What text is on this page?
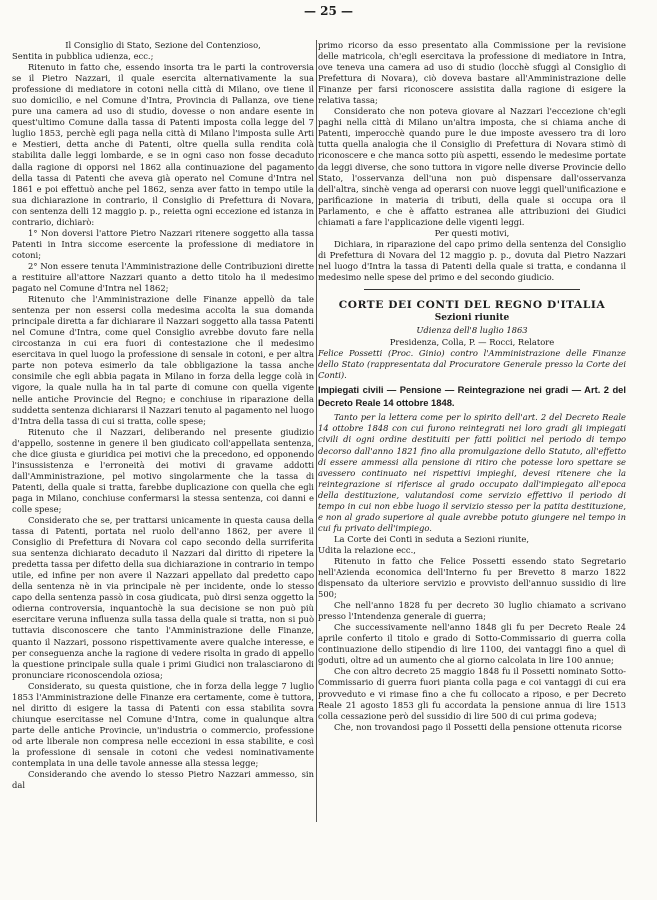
— 25 —

Il Consiglio di Stato, Sezione del Contenzioso,

Sentita in pubblica udienza, ecc.;

Ritenuto in fatto che, essendo insorta tra le parti la controversia se il Pietro Nazzari, il quale esercita alternativamente la sua professione di mediatore in cotoni nella città di Milano, ove tiene il suo domicilio, e nel Comune d'Intra, Provincia di Pallanza, ove tiene pure una camera ad uso di studio, dovesse o non andare esente in quest'ultimo Comune dalla tassa di Patenti imposta colla legge del 7 luglio 1853, perchè egli paga nella città di Milano l'imposta sulle Arti e Mestieri, detta anche di Patenti, oltre quella sulla rendita colà stabilita dalle leggi lombarde, e se in ogni caso non fosse decaduto dalla ragione di opporsi nel 1862 alla continuazione del pagamento della tassa di Patenti che aveva già operato nel Comune d'Intra nel 1861 e poi effettuò anche pel 1862, senza aver fatto in tempo utile la sua dichiarazione in contrario, il Consiglio di Prefettura di Novara, con sentenza delli 12 maggio p. p., reietta ogni eccezione ed istanza in contrario, dichiarò:

1° Non doversi l'attore Pietro Nazzari ritenere soggetto alla tassa Patenti in Intra siccome esercente la professione di mediatore in cotoni;

2° Non essere tenuta l'Amministrazione delle Contribuzioni dirette a restituire all'attore Nazzari quanto a detto titolo ha il medesimo pagato nel Comune d'Intra nel 1862;

Ritenuto che l'Amministrazione delle Finanze appellò da tale sentenza per non essersi colla medesima accolta la sua domanda principale diretta a far dichiarare il Nazzari soggetto alla tassa Patenti nel Comune d'Intra, come quel Consiglio avrebbe dovuto fare nella circostanza in cui era fuori di contestazione che il medesimo esercitava in quel luogo la professione di sensale in cotoni, e per altra parte non poteva esimerlo da tale obbligazione la tassa anche consimile che egli abbia pagata in Milano in forza della legge colà in vigore, la quale nulla ha in tal parte di comune con quella vigente nelle antiche Provincie del Regno; e conchiuse in riparazione della suddetta sentenza dichiararsi il Nazzari tenuto al pagamento nel luogo d'Intra della tassa di cui si tratta, colle spese;

Ritenuto che il Nazzari, deliberando nel presente giudizio d'appello, sostenne in genere il ben giudicato coll'appellata sentenza, che dice giusta e giuridica pei motivi che la precedono, ed opponendo l'insussistenza e l'erroneità dei motivi di gravame addotti dall'Amministrazione, pel motivo singolarmente che la tassa di Patenti, della quale si tratta, farebbe duplicazione con quella che egli paga in Milano, conchiuse confermarsi la stessa sentenza, coi danni e colle spese;

Considerato che se, per trattarsi unicamente in questa causa della tassa di Patenti, portata nel ruolo dell'anno 1862, per avere il Consiglio di Prefettura di Novara col capo secondo della surriferita sua sentenza dichiarato decaduto il Nazzari dal diritto di ripetere la predetta tassa per difetto della sua dichiarazione in contrario in tempo utile, ed infine per non avere il Nazzari appellato dal predetto capo della sentenza nè in via principale nè per incidente, onde lo stesso capo della sentenza passò in cosa giudicata, può dirsi senza oggetto la odierna controversia, inquantochè la sua decisione se non può più esercitare veruna influenza sulla tassa della quale si tratta, non si può tuttavia disconoscere che tanto l'Amministrazione delle Finanze, quanto il Nazzari, possono rispettivamente avere qualche interesse, e per conseguenza anche la ragione di vedere risolta in grado di appello la questione principale sulla quale i primi Giudici non tralasciarono di pronunciare riconoscendola oziosa;

Considerato, su questa quistione, che in forza della legge 7 luglio 1853 l'Amministrazione delle Finanze era certamente, come è tuttora, nel diritto di esigere la tassa di Patenti con essa stabilita sovra chiunque esercitasse nel Comune d'Intra, come in qualunque altra parte delle antiche Provincie, un'industria o commercio, professione od arte liberale non compresa nelle eccezioni in essa stabilite, e così la professione di sensale in cotoni che vedesi nominativamente contemplata in una delle tavole annesse alla stessa legge;

Considerando che avendo lo stesso Pietro Nazzari ammesso, sin dal

primo ricorso da esso presentato alla Commissione per la revisione delle matricola, ch'egli esercitava la professione di mediatore in Intra, ove teneva una camera ad uso di studio (locchè sfuggì al Consiglio di Prefettura di Novara), ciò doveva bastare all'Amministrazione delle Finanze per farsi riconoscere assistita dalla ragione di esigere la relativa tassa;

Considerato che non poteva giovare al Nazzari l'eccezione ch'egli paghi nella città di Milano un'altra imposta, che si chiama anche di Patenti, imperocchè quando pure le due imposte avessero tra di loro tutta quella analogia che il Consiglio di Prefettura di Novara stimò di riconoscere e che manca sotto più aspetti, essendo le medesime portate da leggi diverse, che sono tuttora in vigore nelle diverse Provincie dello Stato, l'osservanza dell'una non può dispensare dall'osservanza dell'altra, sinchè venga ad operarsi con nuove leggi quell'unificazione e parificazione in materia di tributi, della quale si occupa ora il Parlamento, e che è affatto estranea alle attribuzioni dei Giudici chiamati a fare l'applicazione delle vigenti leggi.

Per questi motivi,

Dichiara, in riparazione del capo primo della sentenza del Consiglio di Prefettura di Novara del 12 maggio p. p., dovuta dal Pietro Nazzari nel luogo d'Intra la tassa di Patenti della quale si tratta, e condanna il medesimo nelle spese del primo e del secondo giudicio.

CORTE DEI CONTI DEL REGNO D'ITALIA
Sezioni riunite
Udienza dell'8 luglio 1863
Presidenza, Colla, P. — Rocci, Relatore

Felice Possetti (Proc. Ginio) contro l'Amministrazione delle Finanze dello Stato (rappresentata dal Procuratore Generale presso la Corte dei Conti).

Impiegati civili — Pensione — Reintegrazione nei gradi — Art. 2 del Decreto Reale 14 ottobre 1848.

Tanto per la lettera come per lo spirito dell'art. 2 del Decreto Reale 14 ottobre 1848 con cui furono reintegrati nei loro gradi gli impiegati civili di ogni ordine destituiti per fatti politici nel periodo di tempo decorso dall'anno 1821 fino alla promulgazione dello Statuto, all'effetto di essere ammessi alla pensione di ritiro che potesse loro spettare se avessero continuato nei rispettivi impieghi, devesi ritenere che la reintegrazione si riferisce al grado occupato dall'impiegato all'epoca della destituzione, valutandosi come servizio effettivo il periodo di tempo in cui non ebbe luogo il servizio stesso per la patita destituzione, e non al grado superiore al quale avrebbe potuto giungere nel tempo in cui fu privato dell'impiego.

La Corte dei Conti in seduta a Sezioni riunite,

Udita la relazione ecc.,

Ritenuto in fatto che Felice Possetti essendo stato Segretario nell'Azienda economica dell'Interno fu per Brevetto 8 marzo 1822 dispensato da ulteriore servizio e provvisto dell'annuo sussidio di lire 500;

Che nell'anno 1828 fu per decreto 30 luglio chiamato a scrivano presso l'Intendenza generale di guerra;

Che successivamente nell'anno 1848 gli fu per Decreto Reale 24 aprile conferto il titolo e grado di Sotto-Commissario di guerra colla continuazione dello stipendio di lire 1100, dei vantaggi fino a quel dì goduti, oltre ad un aumento che al giorno calcolata in lire 100 annue;

Che con altro decreto 25 maggio 1848 fu il Possetti nominato Sotto-Commissario di guerra fuori pianta colla paga e coi vantaggi di cui era provveduto e vi rimase fino a che fu collocato a riposo, e per Decreto Reale 21 agosto 1853 gli fu accordata la pensione annua di lire 1513 colla cessazione però del sussidio di lire 500 di cui prima godeva;

Che, non trovandosi pago il Possetti della pensione ottenuta ricorse
